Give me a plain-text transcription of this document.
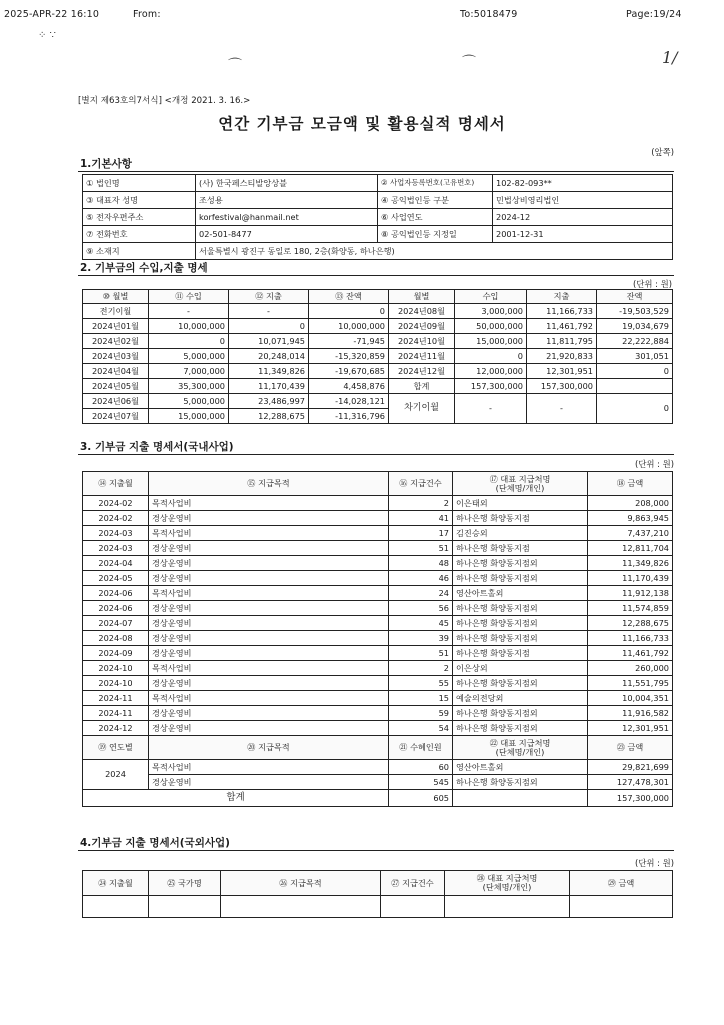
2025-APR-22 16:10	From:	To:5018479	Page:19/24
⁘ ∵
⌒	⌒	1/
[별지 제63호의7서식] <개정 2021. 3. 16.>
연간 기부금 모금액 및 활용실적 명세서
(앞쪽)
1.기본사항
① 법인명	(사) 한국페스티발앙상블	② 사업자등록번호(고유번호)	102-82-093**
③ 대표자 성명	조성용	④ 공익법인등 구분	민법상비영리법인
⑤ 전자우편주소	korfestival@hanmail.net	⑥ 사업연도	2024-12
⑦ 전화번호	02-501-8477	⑧ 공익법인등 지정일	2001-12-31
⑨ 소재지	서울특별시 광진구 동일로 180, 2층(화양동, 하나은행)		
2. 기부금의 수입,지출 명세
(단위 : 원)
⑩ 월별	⑪ 수입	⑫ 지출	⑬ 잔액	월별	수입	지출	잔액
전기이월	-	-	0	2024년08월	3,000,000	11,166,733	-19,503,529
2024년01월	10,000,000	0	10,000,000	2024년09월	50,000,000	11,461,792	19,034,679
2024년02월	0	10,071,945	-71,945	2024년10월	15,000,000	11,811,795	22,222,884
2024년03월	5,000,000	20,248,014	-15,320,859	2024년11월	0	21,920,833	301,051
2024년04월	7,000,000	11,349,826	-19,670,685	2024년12월	12,000,000	12,301,951	0
2024년05월	35,300,000	11,170,439	4,458,876	합계	157,300,000	157,300,000	
2024년06월	5,000,000	23,486,997	-14,028,121	차기이월	-	-	0
2024년07월	15,000,000	12,288,675	-11,316,796				
3. 기부금 지출 명세서(국내사업)
(단위 : 원)
⑭ 지출월	⑮ 지급목적	⑯ 지급건수	⑰ 대표 지급처명
(단체명/개인)	⑱ 금액
2024-02	목적사업비	2	이은태외	208,000
2024-02	경상운영비	41	하나은행 화양동지점	9,863,945
2024-03	목적사업비	17	김진승외	7,437,210
2024-03	경상운영비	51	하나은행 화양동지점	12,811,704
2024-04	경상운영비	48	하나은행 화양동지점외	11,349,826
2024-05	경상운영비	46	하나은행 화양동지점외	11,170,439
2024-06	목적사업비	24	영산아트홀외	11,912,138
2024-06	경상운영비	56	하나은행 화양동지점외	11,574,859
2024-07	경상운영비	45	하나은행 화양동지점외	12,288,675
2024-08	경상운영비	39	하나은행 화양동지점외	11,166,733
2024-09	경상운영비	51	하나은행 화양동지점	11,461,792
2024-10	목적사업비	2	이은상외	260,000
2024-10	경상운영비	55	하나은행 화양동지점외	11,551,795
2024-11	목적사업비	15	예술의전당외	10,004,351
2024-11	경상운영비	59	하나은행 화양동지점외	11,916,582
2024-12	경상운영비	54	하나은행 화양동지점외	12,301,951
⑲ 연도별	⑳ 지급목적	㉑ 수혜인원	㉒ 대표 지급처명
(단체명/개인)	㉓ 금액
2024	목적사업비	60	영산아트홀외	29,821,699
	경상운영비	545	하나은행 화양동지점외	127,478,301
합계		605		157,300,000
4.기부금 지출 명세서(국외사업)
(단위 : 원)
㉔ 지출월	㉕ 국가명	㉖ 지급목적	㉗ 지급건수	㉘ 대표 지급처명
(단체명/개인)	㉙ 금액
